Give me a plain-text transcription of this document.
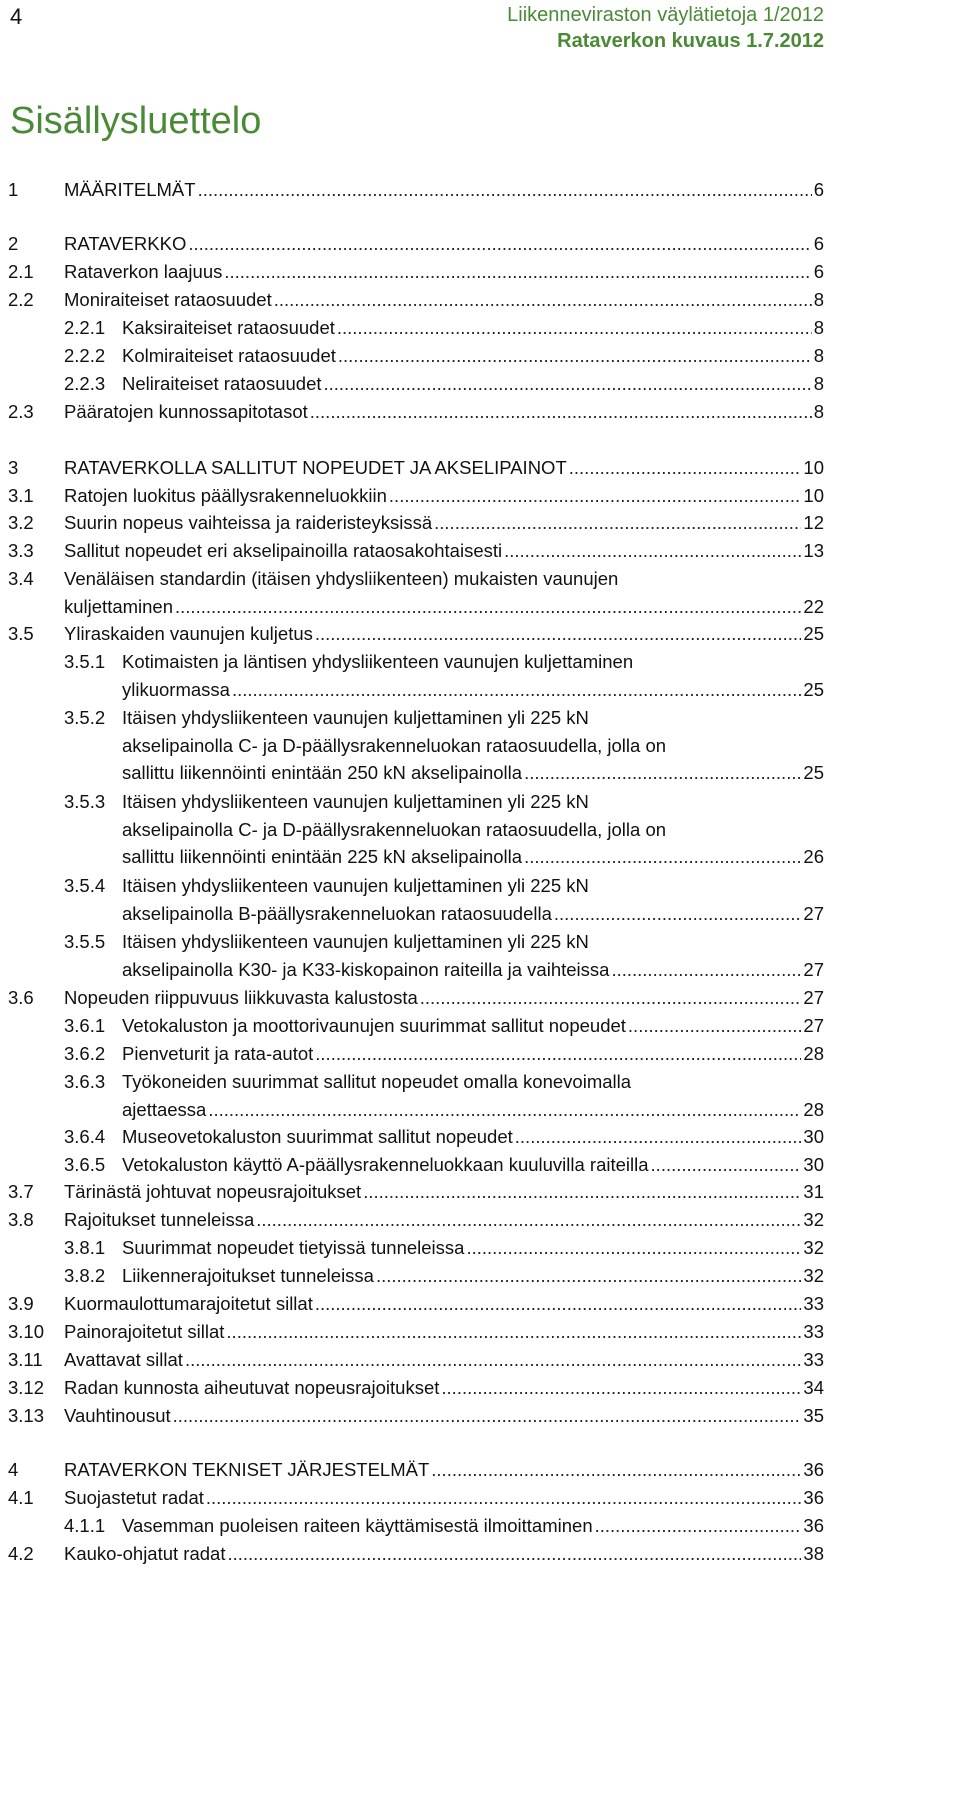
4	Liikenneviraston väylätietoja 1/2012
Rataverkon kuvaus 1.7.2012
Sisällysluettelo
1 MÄÄRITELMÄT .....	6
2 RATAVERKKO .....	6
2.1 Rataverkon laajuus .....	6
2.2 Moniraiteiset rataosuudet .....	8
2.2.1 Kaksiraiteiset rataosuudet .....	8
2.2.2 Kolmiraiteiset rataosuudet .....	8
2.2.3 Neliraiteiset rataosuudet .....	8
2.3 Pääratojen kunnossapitotasot .....	8
3 RATAVERKOLLA SALLITUT NOPEUDET JA AKSELIPAINOT .....	10
3.1 Ratojen luokitus päällysrakenneluokkiin .....	10
3.2 Suurin nopeus vaihteissa ja raideristeyksissä .....	12
3.3 Sallitut nopeudet eri akselipainoilla rataosakohtaisesti .....	13
3.4 Venäläisen standardin (itäisen yhdysliikenteen) mukaisten vaunujen
kuljettaminen .....	22
3.5 Yliraskaiden vaunujen kuljetus .....	25
3.5.1 Kotimaisten ja läntisen yhdysliikenteen vaunujen kuljettaminen
ylikuormassa .....	25
3.5.2 Itäisen yhdysliikenteen vaunujen kuljettaminen yli 225 kN
akselipainolla C- ja D-päällysrakenneluokan rataosuudella, jolla on
sallittu liikennöinti enintään 250 kN akselipainolla .....	25
3.5.3 Itäisen yhdysliikenteen vaunujen kuljettaminen yli 225 kN
akselipainolla C- ja D-päällysrakenneluokan rataosuudella, jolla on
sallittu liikennöinti enintään 225 kN akselipainolla .....	26
3.5.4 Itäisen yhdysliikenteen vaunujen kuljettaminen yli 225 kN
akselipainolla B-päällysrakenneluokan rataosuudella .....	27
3.5.5 Itäisen yhdysliikenteen vaunujen kuljettaminen yli 225 kN
akselipainolla K30- ja K33-kiskopainon raiteilla ja vaihteissa .....	27
3.6 Nopeuden riippuvuus liikkuvasta kalustosta .....	27
3.6.1 Vetokaluston ja moottorivaunujen suurimmat sallitut nopeudet .....	27
3.6.2 Pienveturit ja rata-autot .....	28
3.6.3 Työkoneiden suurimmat sallitut nopeudet omalla konevoimalla
ajettaessa .....	28
3.6.4 Museovetokaluston suurimmat sallitut nopeudet .....	30
3.6.5 Vetokaluston käyttö A-päällysrakenneluokkaan kuuluvilla raiteilla .....	30
3.7 Tärinästä johtuvat nopeusrajoitukset .....	31
3.8 Rajoitukset tunneleissa .....	32
3.8.1 Suurimmat nopeudet tietyissä tunneleissa .....	32
3.8.2 Liikennerajoitukset tunneleissa .....	32
3.9 Kuormaulottumarajoitetut sillat .....	33
3.10 Painorajoitetut sillat .....	33
3.11 Avattavat sillat .....	33
3.12 Radan kunnosta aiheutuvat nopeusrajoitukset .....	34
3.13 Vauhtinousut .....	35
4 RATAVERKON TEKNISET JÄRJESTELMÄT .....	36
4.1 Suojastetut radat .....	36
4.1.1 Vasemman puoleisen raiteen käyttämisestä ilmoittaminen .....	36
4.2 Kauko-ohjatut radat .....	38
